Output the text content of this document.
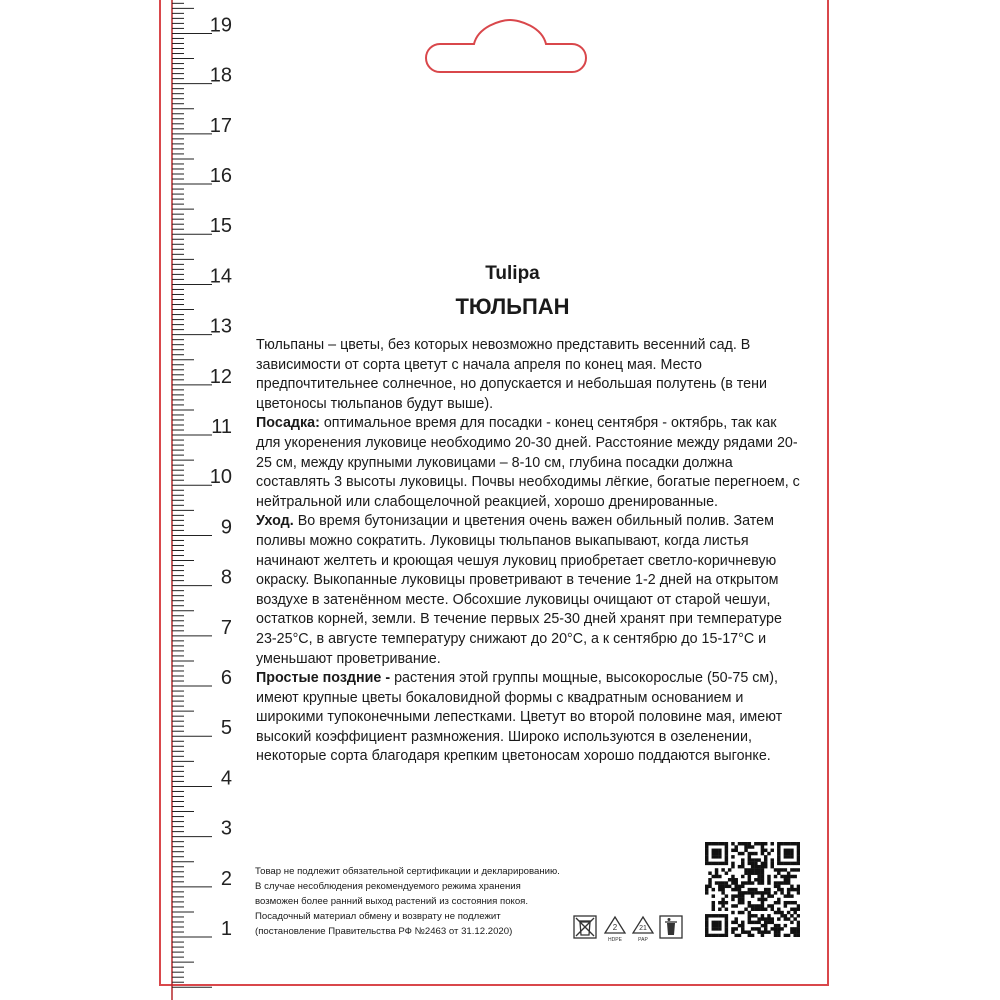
19
18
17
16
15
14
13
12
11
10
9
8
7
6
5
4
3
2
1
Tulipa
ТЮЛЬПАН

Тюльпаны – цветы, без которых невозможно представить весенний сад. В зависимости от сорта цветут с начала апреля по конец мая. Место предпочтительнее солнечное, но допускается и небольшая полутень (в тени цветоносы тюльпанов будут выше).

Посадка: оптимальное время для посадки - конец сентября - октябрь, так как для укоренения луковице необходимо 20-30 дней. Расстояние между рядами 20-25 см, между крупными луковицами – 8-10 см, глубина посадки должна составлять 3 высоты луковицы. Почвы необходимы лёгкие, богатые перегноем, с нейтральной или слабощелочной реакцией, хорошо дренированные.

Уход. Во время бутонизации и цветения очень важен обильный полив. Затем поливы можно сократить. Луковицы тюльпанов выкапывают, когда листья начинают желтеть и кроющая чешуя луковиц приобретает светло-коричневую окраску. Выкопанные луковицы проветривают в течение 1-2 дней на открытом воздухе в затенённом месте. Обсохшие луковицы очищают от старой чешуи, остатков корней, земли. В течение первых 25-30 дней хранят при температуре 23-25°С, в августе температуру снижают до 20°С, а к сентябрю до 15-17°С и уменьшают проветривание.

Простые поздние - растения этой группы мощные, высокорослые (50-75 см), имеют крупные цветы бокаловидной формы с квадратным основанием и широкими тупоконечными лепестками. Цветут во второй половине мая, имеют высокий коэффициент размножения. Широко используются в озеленении, некоторые сорта благодаря крепким цветоносам хорошо поддаются выгонке.

Товар не подлежит обязательной сертификации и декларированию.
В случае несоблюдения рекомендуемого режима хранения
возможен более ранний выход растений из состояния покоя.
Посадочный материал обмену и возврату не подлежит
(постановление Правительства РФ №2463 от 31.12.2020)	2
HDPE
21
PAP
